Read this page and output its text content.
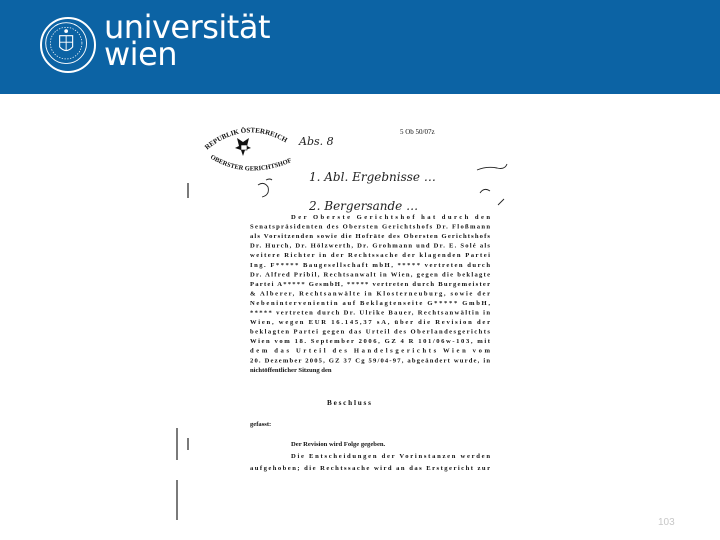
universität
wien
REPUBLIK ÖSTERREICH
OBERSTER GERICHTSHOF
5 Ob 50/07z
Abs. 8
1. Abl. Ergebnisse …
2. Bergersande …
Der Oberste Gerichtshof hat durch den
Senatspräsidenten des Obersten Gerichtshofs Dr. Floßmann
als Vorsitzenden sowie die Hofräte des Obersten Gerichtshofs
Dr. Hurch, Dr. Hölzwerth, Dr. Grohmann und Dr. E. Solé als
weitere Richter in der Rechtssache der klagenden Partei
Ing. F***** Baugesellschaft mbH, ***** vertreten durch
Dr. Alfred Pribil, Rechtsanwalt in Wien, gegen die beklagte
Partei A***** GesmbH, ***** vertreten durch Burgemeister
& Alberer, Rechtsanwälte in Klosterneuburg, sowie der
Nebenintervenientin auf Beklagtenseite G***** GmbH,
***** vertreten durch Dr. Ulrike Bauer, Rechtsanwältin in
Wien, wegen EUR 16.145,37 sA, über die Revision der
beklagten Partei gegen das Urteil des Oberlandesgerichts
Wien vom 18. September 2006, GZ 4 R 101/06w-103, mit
dem das Urteil des Handelsgerichts Wien vom
20. Dezember 2005, GZ 37 Cg 59/04-97, abgeändert wurde, in
nichtöffentlicher Sitzung den
B e s c h l u s s
gefasst:
Der Revision wird Folge gegeben.
Die Entscheidungen der Vorinstanzen werden
aufgehoben; die Rechtssache wird an das Erstgericht zur
103
